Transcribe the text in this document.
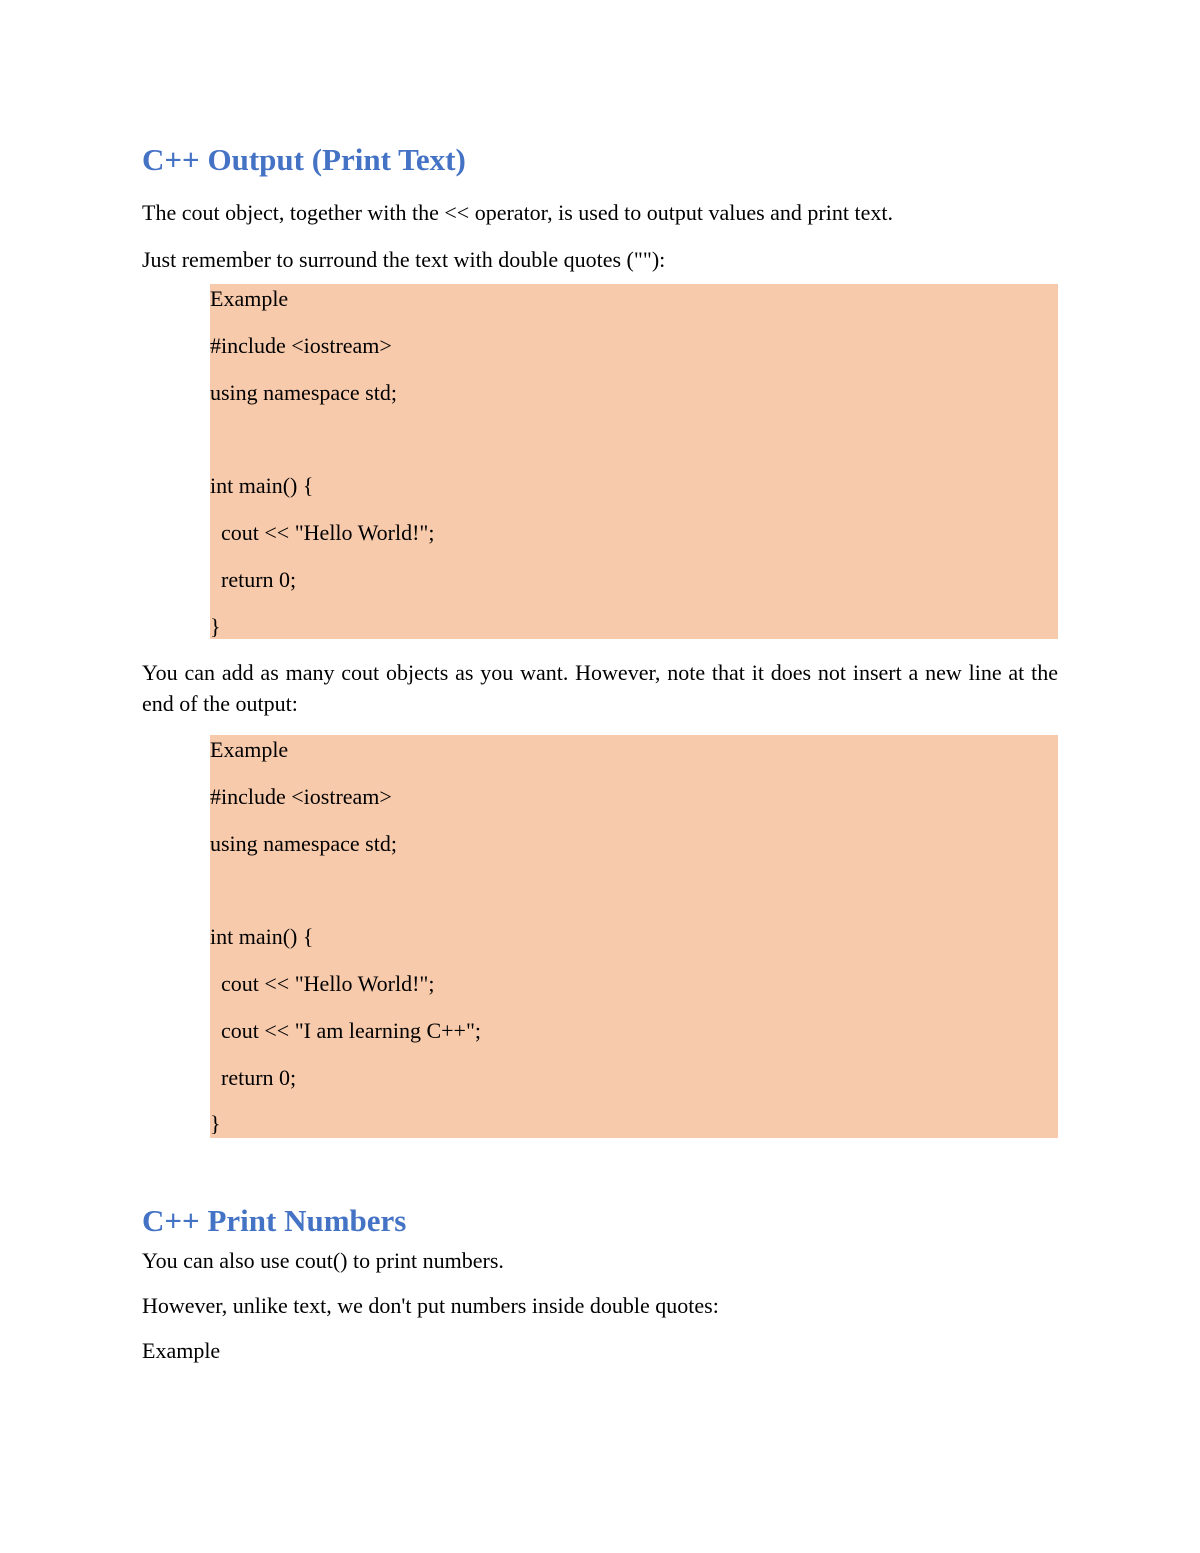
C++ Output (Print Text)

The cout object, together with the << operator, is used to output values and print text.

Just remember to surround the text with double quotes (""):

Example
#include <iostream>
using namespace std;
int main() {
cout << "Hello World!";
return 0;
}

You can add as many cout objects as you want. However, note that it does not insert a new line at the end of the output:

Example
#include <iostream>
using namespace std;
int main() {
cout << "Hello World!";
cout << "I am learning C++";
return 0;
}
C++ Print Numbers

You can also use cout() to print numbers.

However, unlike text, we don't put numbers inside double quotes:

Example
